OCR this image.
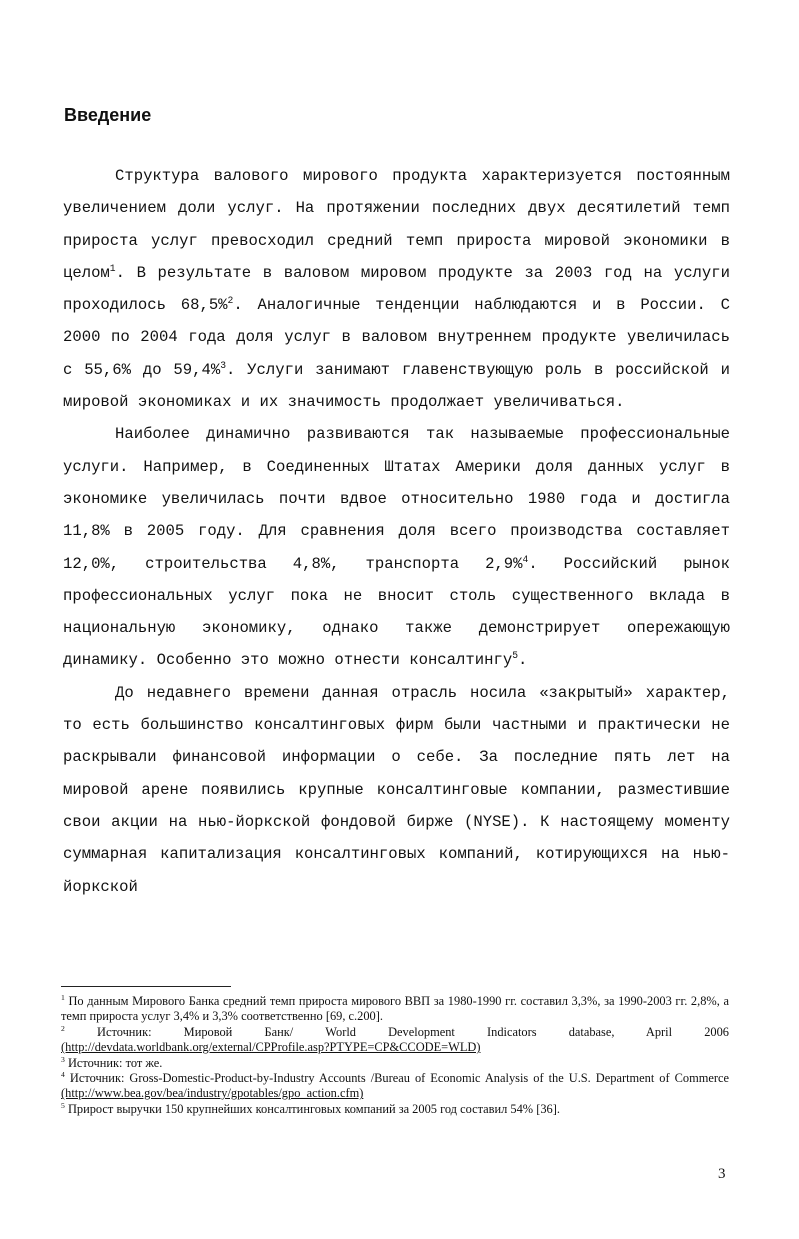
Введение

Структура валового мирового продукта характеризуется постоянным увеличением доли услуг. На протяжении последних двух десятилетий темп прироста услуг превосходил средний темп прироста мировой экономики в целом$^1$. В результате в валовом мировом продукте за 2003 год на услуги проходилось 68,5%$^2$. Аналогичные тенденции наблюдаются и в России. С 2000 по 2004 года доля услуг в валовом внутреннем продукте увеличилась с 55,6% до 59,4%$^3$. Услуги занимают главенствующую роль в российской и мировой экономиках и их значимость продолжает увеличиваться.

Наиболее динамично развиваются так называемые профессиональные услуги. Например, в Соединенных Штатах Америки доля данных услуг в экономике увеличилась почти вдвое относительно 1980 года и достигла 11,8% в 2005 году. Для сравнения доля всего производства составляет 12,0%, строительства 4,8%, транспорта 2,9%$^4$. Российский рынок профессиональных услуг пока не вносит столь существенного вклада в национальную экономику, однако также демонстрирует опережающую динамику. Особенно это можно отнести консалтингу$^5$.

До недавнего времени данная отрасль носила «закрытый» характер, то есть большинство консалтинговых фирм были частными и практически не раскрывали финансовой информации о себе. За последние пять лет на мировой арене появились крупные консалтинговые компании, разместившие свои акции на нью-йоркской фондовой бирже (NYSE). К настоящему моменту суммарная капитализация консалтинговых компаний, котирующихся на нью-йоркской

$^1$ По данным Мирового Банка средний темп прироста мирового ВВП за 1980-1990 гг. составил 3,3%, за 1990-2003 гг. 2,8%, а темп прироста услуг 3,4% и 3,3% соответственно [69, с.200].

$^2$	Источник: Мировой Банк/ World Development Indicators database, April 2006 (http://devdata.worldbank.org/external/CPProfile.asp?PTYPE=CP&CCODE=WLD)

$^3$ Источник: тот же.

$^4$ Источник: Gross-Domestic-Product-by-Industry Accounts /Bureau of Economic Analysis of the U.S. Department of Commerce (http://www.bea.gov/bea/industry/gpotables/gpo_action.cfm)

$^5$ Прирост выручки 150 крупнейших консалтинговых компаний за 2005 год составил 54% [36].

3
